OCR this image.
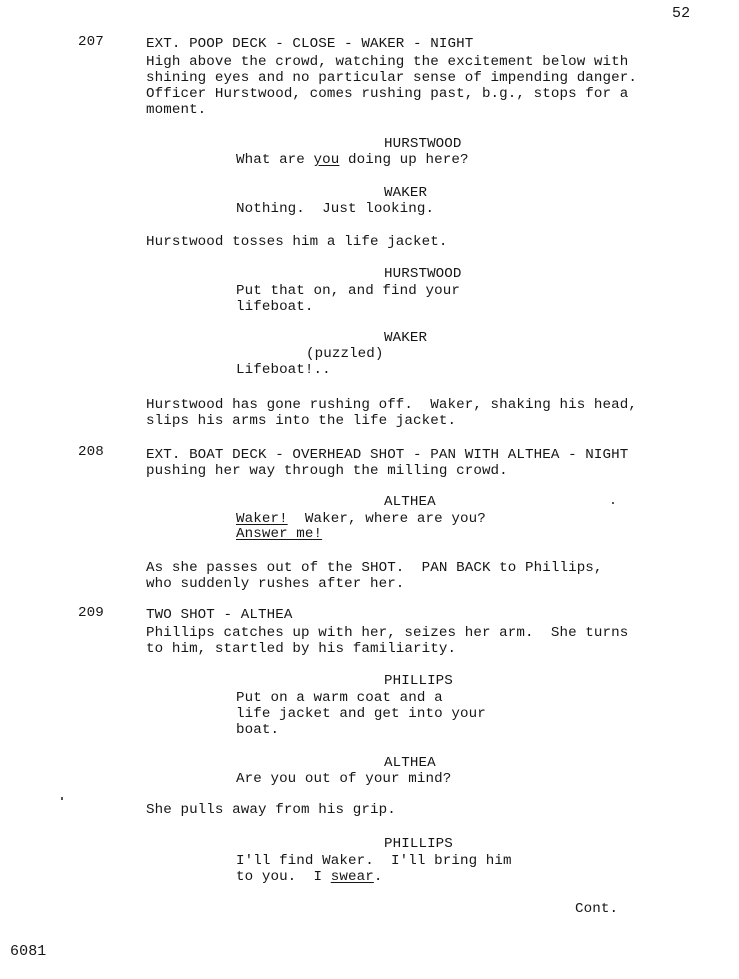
52
207	EXT. POOP DECK - CLOSE - WAKER - NIGHT
High above the crowd, watching the excitement below with
shining eyes and no particular sense of impending danger.
Officer Hurstwood, comes rushing past, b.g., stops for a
moment.
HURSTWOOD
What are you doing up here?
WAKER
Nothing.  Just looking.
Hurstwood tosses him a life jacket.
HURSTWOOD
Put that on, and find your
lifeboat.
WAKER
(puzzled)
Lifeboat!..
Hurstwood has gone rushing off.  Waker, shaking his head,
slips his arms into the life jacket.
208	EXT. BOAT DECK - OVERHEAD SHOT - PAN WITH ALTHEA - NIGHT
pushing her way through the milling crowd.
ALTHEA
Waker!  Waker, where are you?
Answer me!
As she passes out of the SHOT.  PAN BACK to Phillips,
who suddenly rushes after her.
209	TWO SHOT - ALTHEA
Phillips catches up with her, seizes her arm.  She turns
to him, startled by his familiarity.
PHILLIPS
Put on a warm coat and a
life jacket and get into your
boat.
ALTHEA
Are you out of your mind?
She pulls away from his grip.
PHILLIPS
I'll find Waker.  I'll bring him
to you.  I swear.
Cont.
6081
